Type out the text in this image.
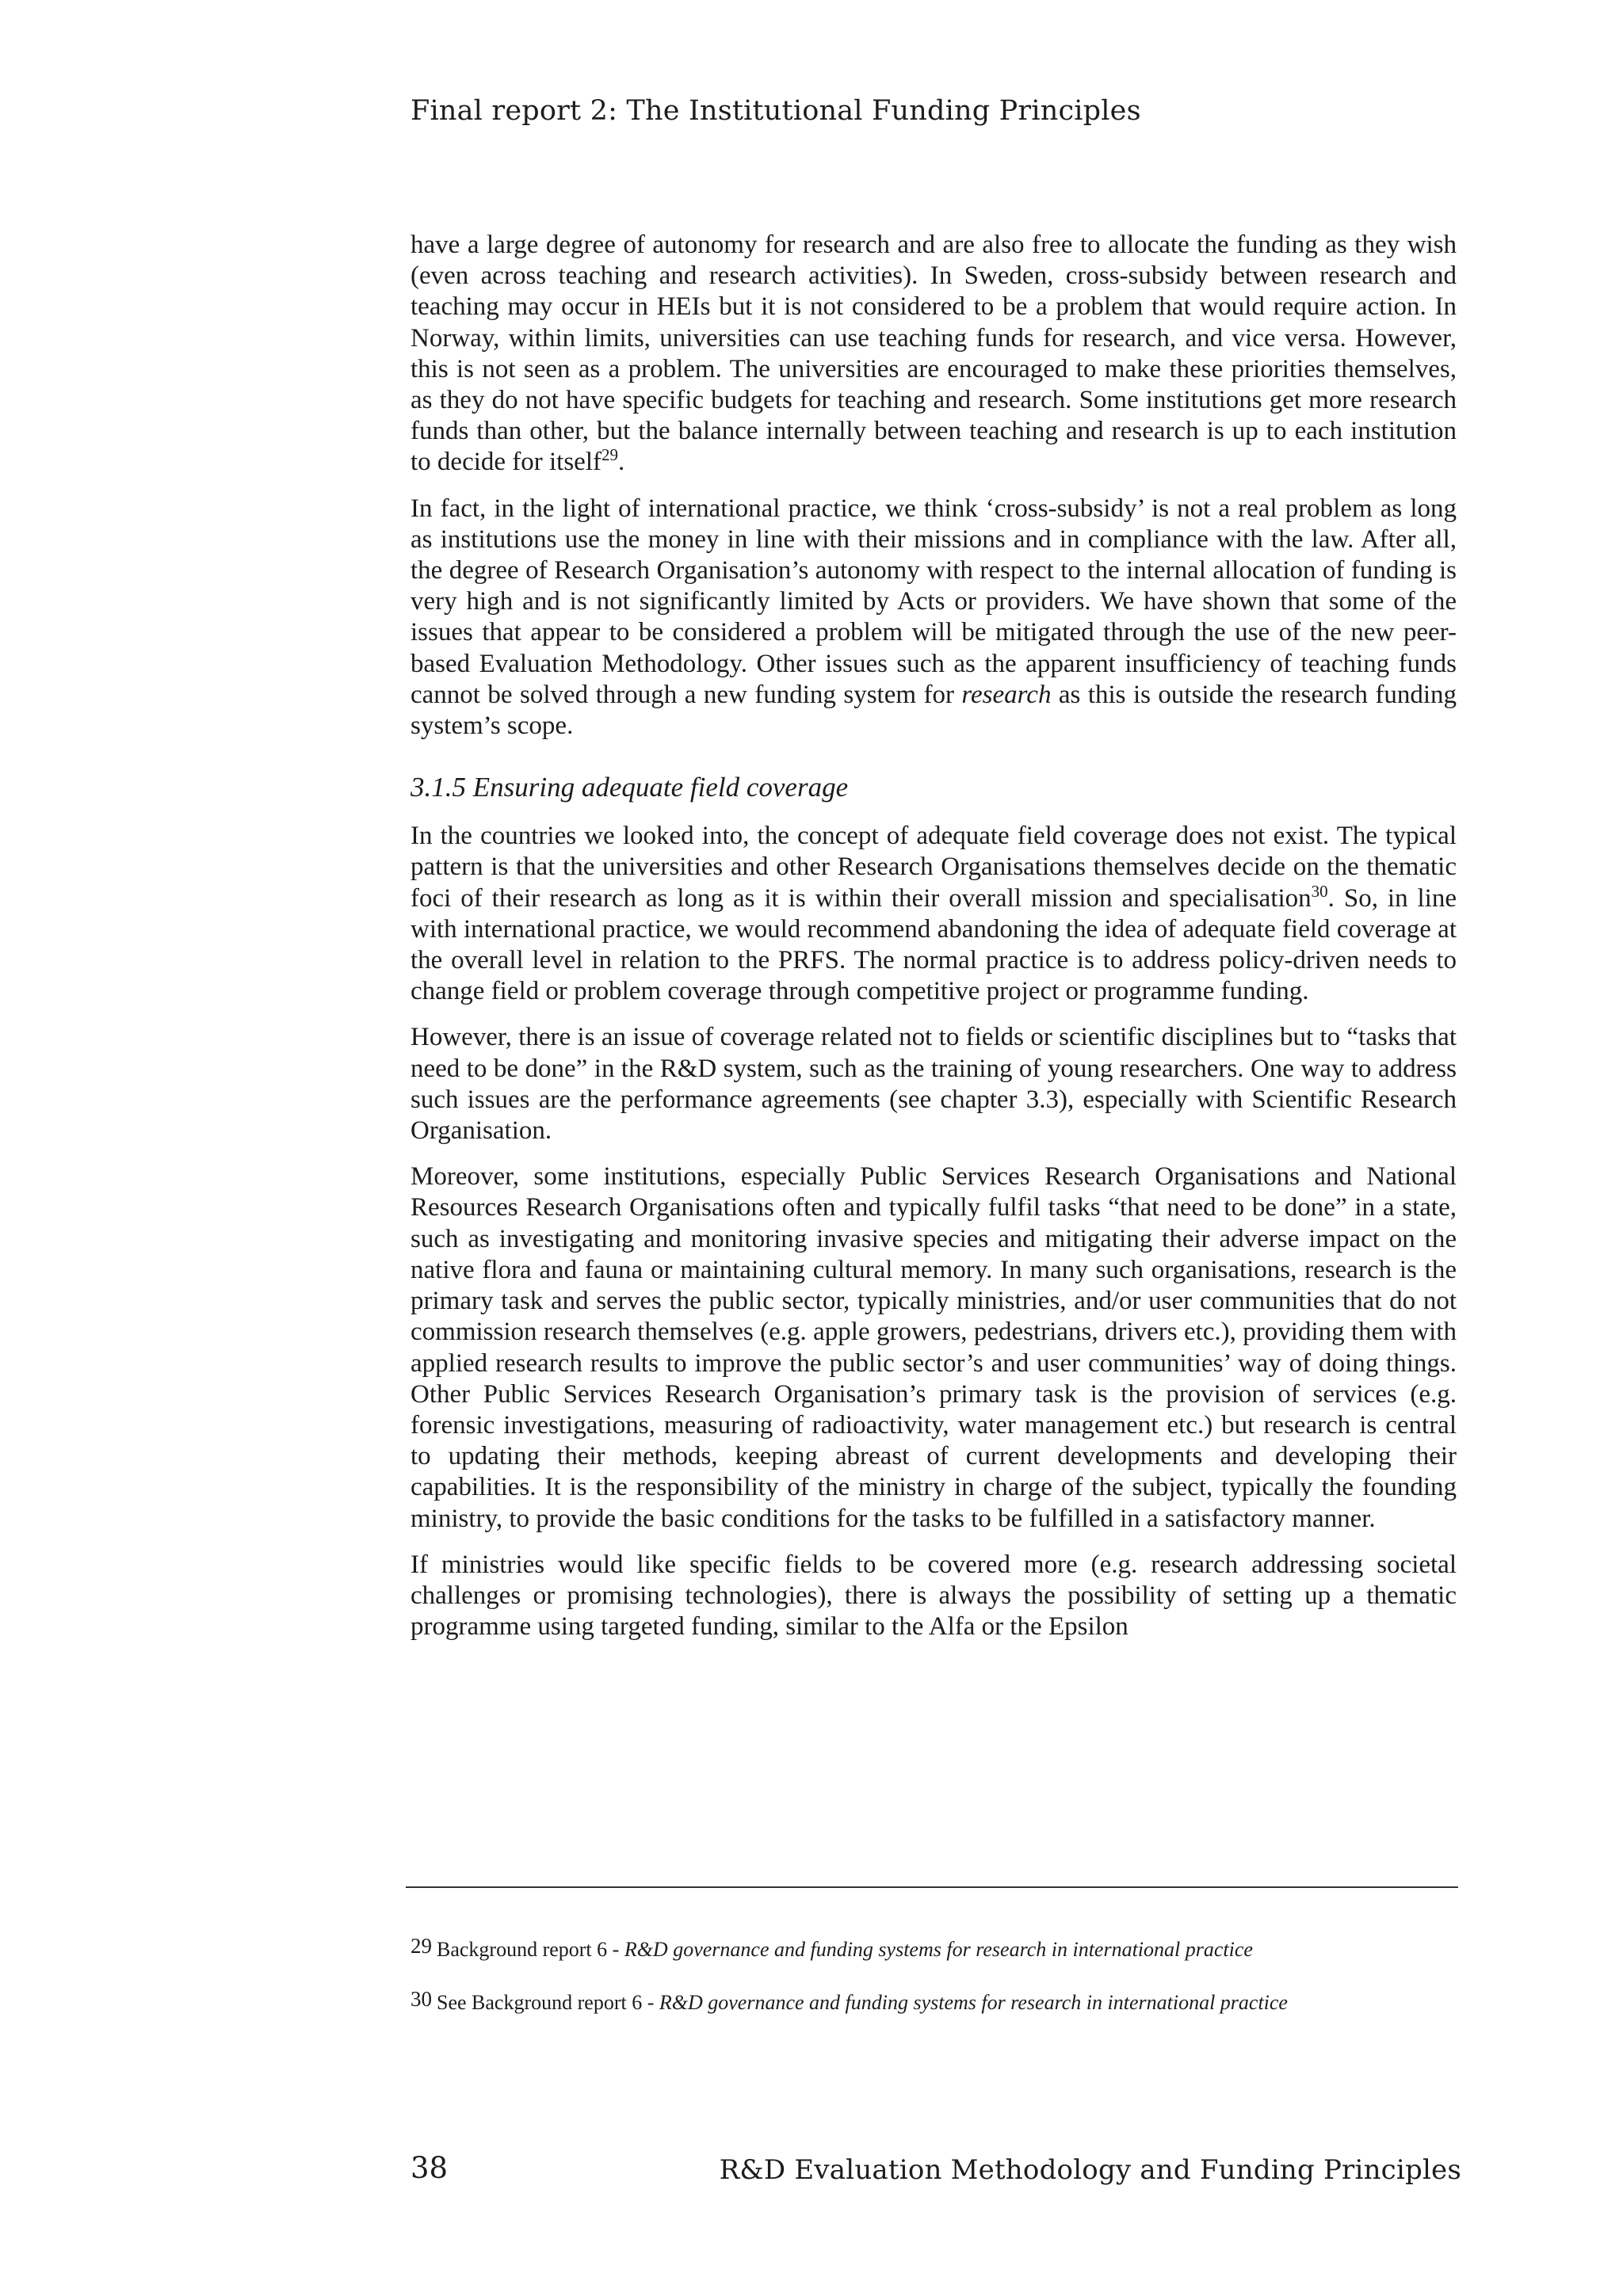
Final report 2: The Institutional Funding Principles

have a large degree of autonomy for research and are also free to allocate the funding as they wish (even across teaching and research activities). In Sweden, cross-subsidy between research and teaching may occur in HEIs but it is not considered to be a problem that would require action. In Norway, within limits, universities can use teaching funds for research, and vice versa. However, this is not seen as a problem. The universities are encouraged to make these priorities themselves, as they do not have specific budgets for teaching and research. Some institutions get more research funds than other, but the balance internally between teaching and research is up to each institution to decide for itself$^{29}$.

In fact, in the light of international practice, we think ‘cross-subsidy’ is not a real problem as long as institutions use the money in line with their missions and in compliance with the law. After all, the degree of Research Organisation’s autonomy with respect to the internal allocation of funding is very high and is not significantly limited by Acts or providers. We have shown that some of the issues that appear to be considered a problem will be mitigated through the use of the new peer-based Evaluation Methodology. Other issues such as the apparent insufficiency of teaching funds cannot be solved through a new funding system for research as this is outside the research funding system’s scope.

3.1.5 Ensuring adequate field coverage

In the countries we looked into, the concept of adequate field coverage does not exist. The typical pattern is that the universities and other Research Organisations themselves decide on the thematic foci of their research as long as it is within their overall mission and specialisation$^{30}$. So, in line with international practice, we would recommend abandoning the idea of adequate field coverage at the overall level in relation to the PRFS. The normal practice is to address policy-driven needs to change field or problem coverage through competitive project or programme funding.

However, there is an issue of coverage related not to fields or scientific disciplines but to “tasks that need to be done” in the R&D system, such as the training of young researchers. One way to address such issues are the performance agreements (see chapter 3.3), especially with Scientific Research Organisation.

Moreover, some institutions, especially Public Services Research Organisations and National Resources Research Organisations often and typically fulfil tasks “that need to be done” in a state, such as investigating and monitoring invasive species and mitigating their adverse impact on the native flora and fauna or maintaining cultural memory. In many such organisations, research is the primary task and serves the public sector, typically ministries, and/or user communities that do not commission research themselves (e.g. apple growers, pedestrians, drivers etc.), providing them with applied research results to improve the public sector’s and user communities’ way of doing things. Other Public Services Research Organisation’s primary task is the provision of services (e.g. forensic investigations, measuring of radioactivity, water management etc.) but research is central to updating their methods, keeping abreast of current developments and developing their capabilities. It is the responsibility of the ministry in charge of the subject, typically the founding ministry, to provide the basic conditions for the tasks to be fulfilled in a satisfactory manner.

If ministries would like specific fields to be covered more (e.g. research addressing societal challenges or promising technologies), there is always the possibility of setting up a thematic programme using targeted funding, similar to the Alfa or the Epsilon

29 Background report 6 - R&D governance and funding systems for research in international practice
30 See Background report 6 - R&D governance and funding systems for research in international practice
38	R&D Evaluation Methodology and Funding Principles
